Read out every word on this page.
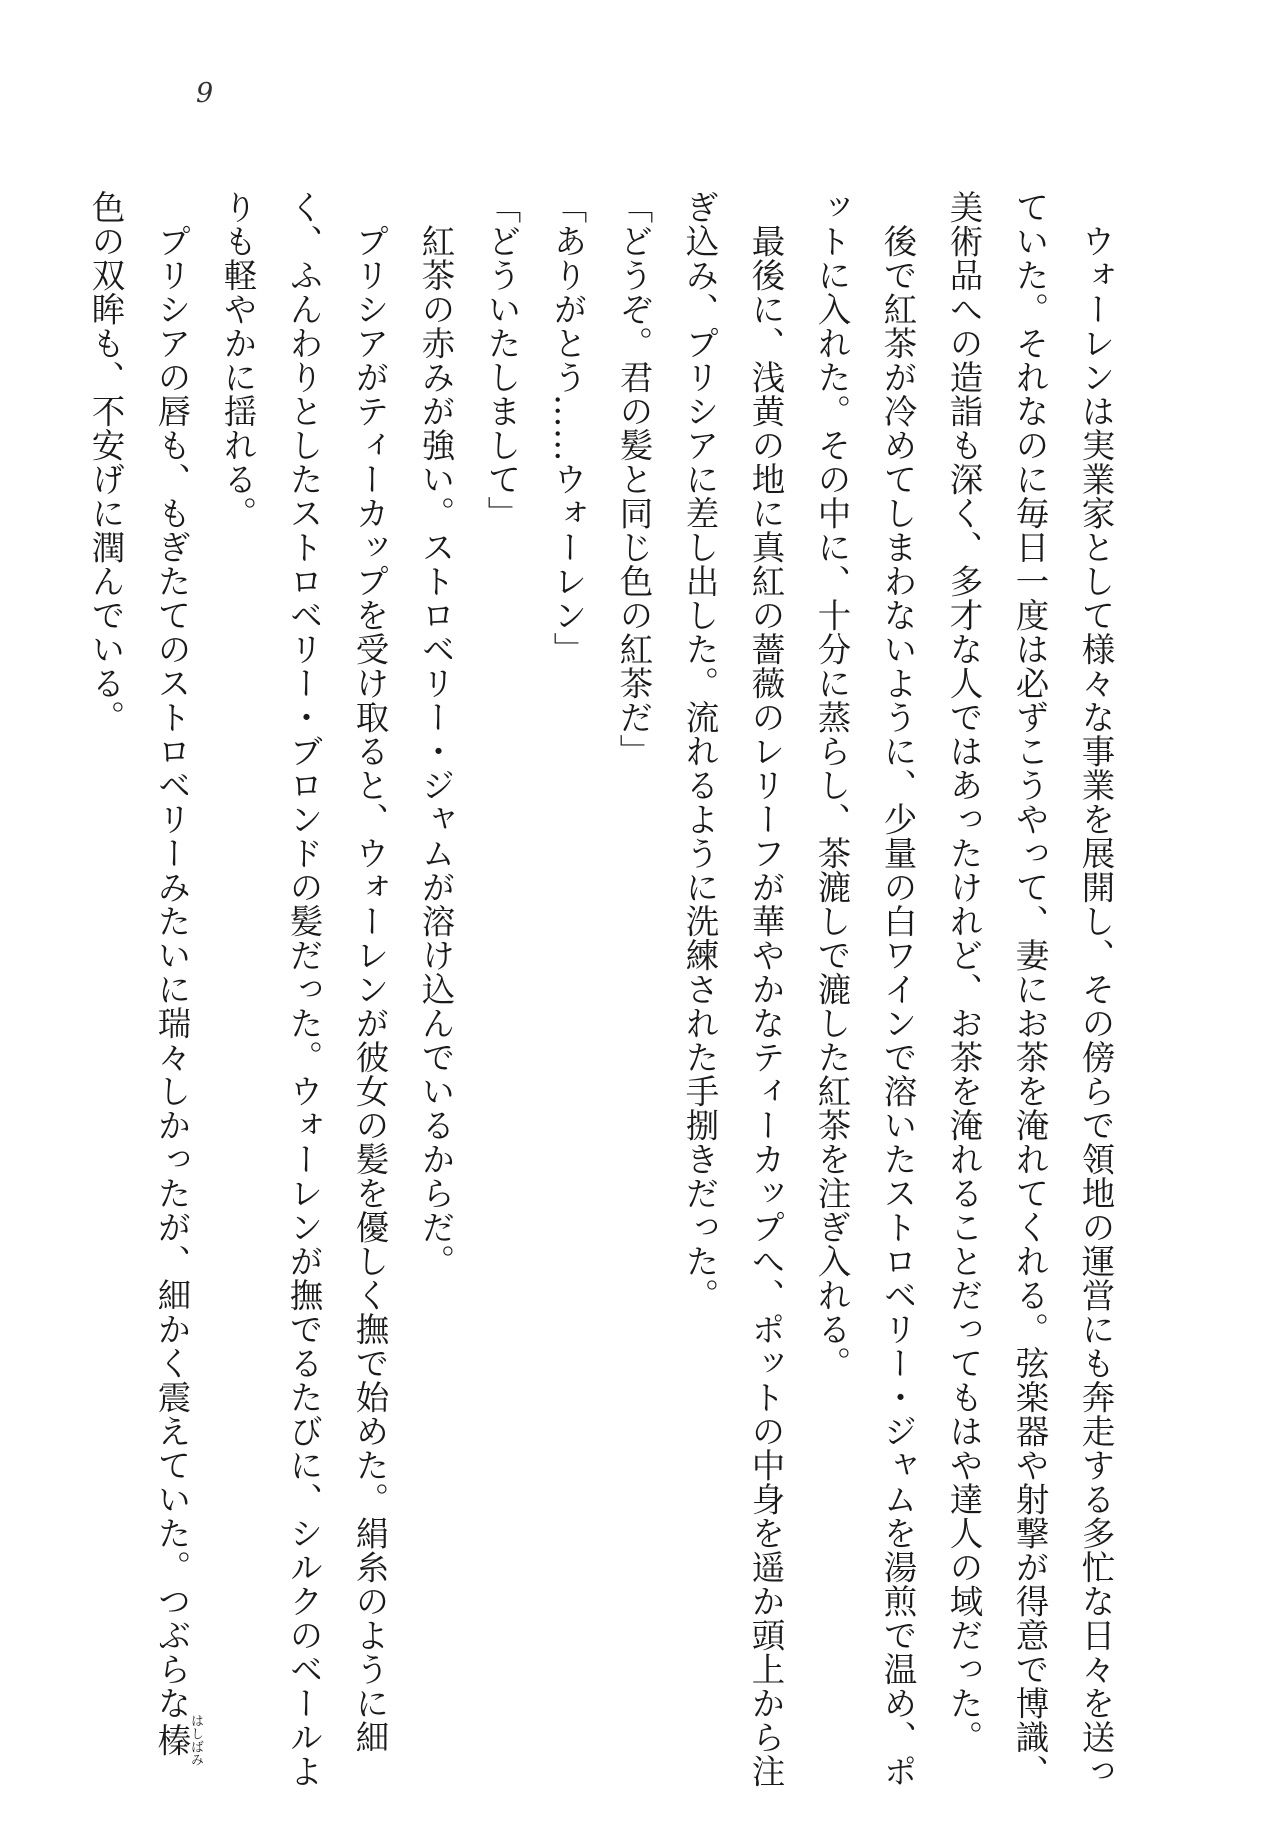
9

ウォーレンは実業家として様々な事業を展開し、その傍らで領地の運営にも奔走する多忙な日々を送っていた。それなのに毎日一度は必ずこうやって、妻にお茶を淹れてくれる。弦楽器や射撃が得意で博識、美術品への造詣も深く、多才な人ではあったけれど、お茶を淹れることだってもはや達人の域だった。

後で紅茶が冷めてしまわないように、少量の白ワインで溶いたストロベリー・ジャムを湯煎で温め、ポットに入れた。その中に、十分に蒸らし、茶漉しで漉した紅茶を注ぎ入れる。

最後に、浅黄の地に真紅の薔薇のレリーフが華やかなティーカップへ、ポットの中身を遥か頭上から注ぎ込み、プリシアに差し出した。流れるように洗練された手捌きだった。

「どうぞ。君の髪と同じ色の紅茶だ」

「ありがとう……ウォーレン」

「どういたしまして」

紅茶の赤みが強い。ストロベリー・ジャムが溶け込んでいるからだ。

プリシアがティーカップを受け取ると、ウォーレンが彼女の髪を優しく撫で始めた。絹糸のように細く、ふんわりとしたストロベリー・ブロンドの髪だった。ウォーレンが撫でるたびに、シルクのベールよりも軽やかに揺れる。

プリシアの唇も、もぎたてのストロベリーみたいに瑞々しかったが、細かく震えていた。つぶらな榛はしばみ色の双眸も、不安げに潤んでいる。
